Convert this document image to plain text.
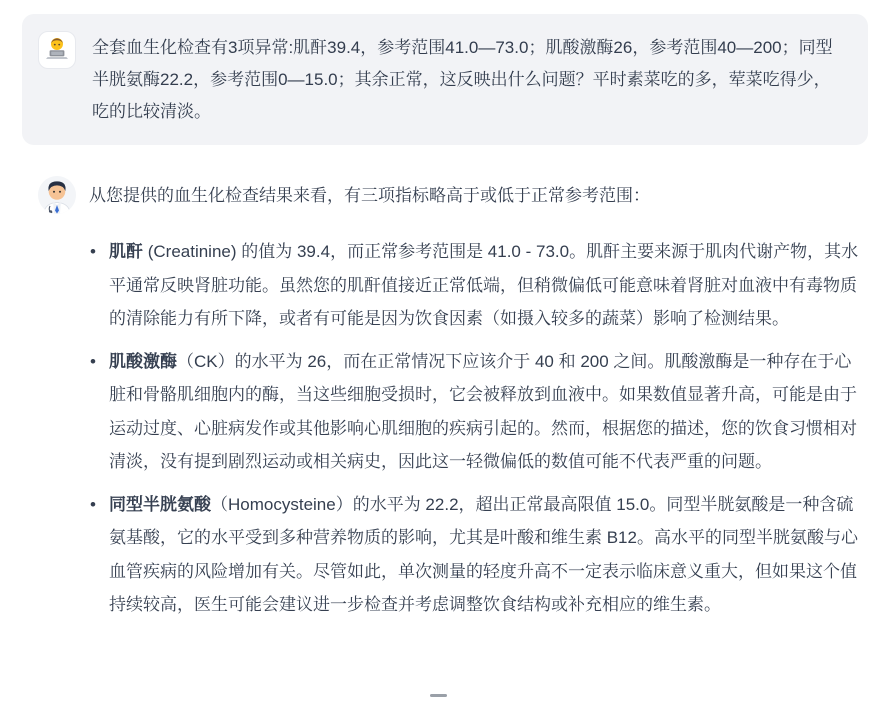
全套血生化检查有3项异常:肌酐39.4，参考范围41.0—73.0；肌酸激酶26，参考范围40—200；同型半胱氨酶22.2，参考范围0—15.0；其余正常，这反映出什么问题？平时素菜吃的多，荤菜吃得少，吃的比较清淡。

从您提供的血生化检查结果来看，有三项指标略高于或低于正常参考范围：

• 肌酐 (Creatinine) 的值为 39.4，而正常参考范围是 41.0 - 73.0。肌酐主要来源于肌肉代谢产物，其水平通常反映肾脏功能。虽然您的肌酐值接近正常低端，但稍微偏低可能意味着肾脏对血液中有毒物质的清除能力有所下降，或者有可能是因为饮食因素（如摄入较多的蔬菜）影响了检测结果。
• 肌酸激酶（CK）的水平为 26，而在正常情况下应该介于 40 和 200 之间。肌酸激酶是一种存在于心脏和骨骼肌细胞内的酶，当这些细胞受损时，它会被释放到血液中。如果数值显著升高，可能是由于运动过度、心脏病发作或其他影响心肌细胞的疾病引起的。然而，根据您的描述，您的饮食习惯相对清淡，没有提到剧烈运动或相关病史，因此这一轻微偏低的数值可能不代表严重的问题。
• 同型半胱氨酸（Homocysteine）的水平为 22.2，超出正常最高限值 15.0。同型半胱氨酸是一种含硫氨基酸，它的水平受到多种营养物质的影响，尤其是叶酸和维生素 B12。高水平的同型半胱氨酸与心血管疾病的风险增加有关。尽管如此，单次测量的轻度升高不一定表示临床意义重大，但如果这个值持续较高，医生可能会建议进一步检查并考虑调整饮食结构或补充相应的维生素。
